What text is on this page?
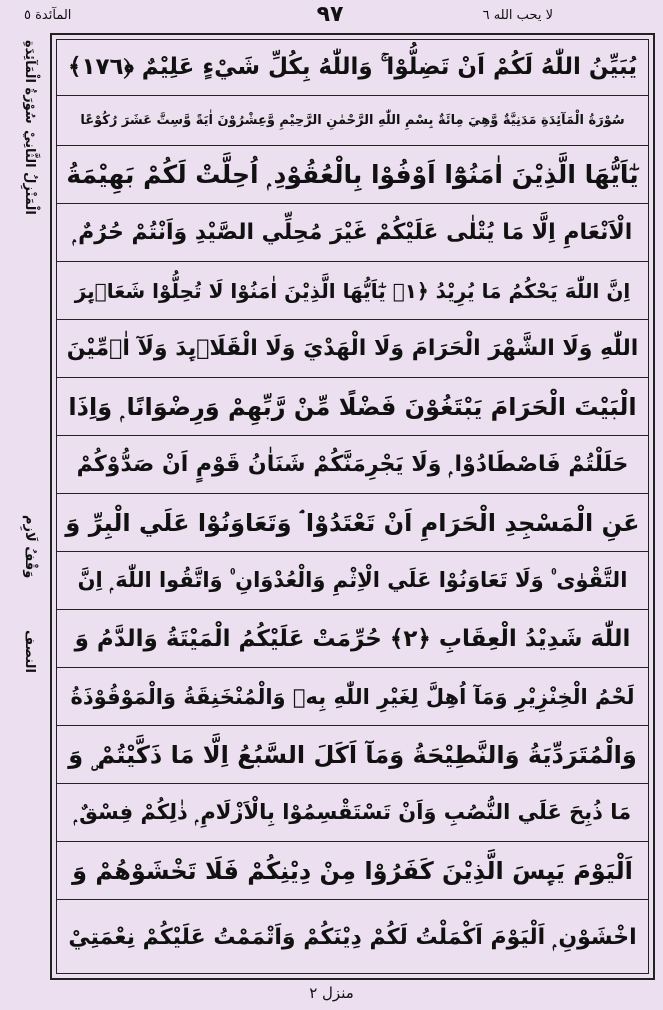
المآئدة ٥	٩٧	لا يحب الله ٦
يُبَيِّنُ اللّٰهُ لَكُمْ اَنْ تَضِلُّوْا ۚ وَاللّٰهُ بِكُلِّ شَيْءٍ عَلِيْمٌ ﴿١٧٦﴾
سُوْرَةُ الْمَآئِدَةِ مَدَنِيَّةٌ وَّهِيَ مِائَةٌ بِسْمِ اللّٰهِ الرَّحْمٰنِ الرَّحِيْمِ وَّعِشْرُوْنَ اٰيَةً وَّسِتَّ عَشَرَ رُكُوْعًا
يٰٓاَيُّهَا الَّذِيْنَ اٰمَنُوْٓا اَوْفُوْا بِالْعُقُوْدِ ۭ اُحِلَّتْ لَكُمْ بَهِيْمَةُ
الْاَنْعَامِ اِلَّا مَا يُتْلٰى عَلَيْكُمْ غَيْرَ مُحِلِّي الصَّيْدِ وَاَنْتُمْ حُرُمٌ ۭ
اِنَّ اللّٰهَ يَحْكُمُ مَا يُرِيْدُ ﴿١﴾ يٰٓاَيُّهَا الَّذِيْنَ اٰمَنُوْا لَا تُحِلُّوْا شَعَاۗىِٕرَ
اللّٰهِ وَلَا الشَّهْرَ الْحَرَامَ وَلَا الْهَدْيَ وَلَا الْقَلَاۗىِٕدَ وَلَآ اٰۗمِّيْنَ
الْبَيْتَ الْحَرَامَ يَبْتَغُوْنَ فَضْلًا مِّنْ رَّبِّهِمْ وَرِضْوَانًا ۭ وَاِذَا
حَلَلْتُمْ فَاصْطَادُوْا ۭ وَلَا يَجْرِمَنَّكُمْ شَنَاٰنُ قَوْمٍ اَنْ صَدُّوْكُمْ
عَنِ الْمَسْجِدِ الْحَرَامِ اَنْ تَعْتَدُوْا ۘ وَتَعَاوَنُوْا عَلَي الْبِرِّ وَ
التَّقْوٰى ۠ وَلَا تَعَاوَنُوْا عَلَي الْاِثْمِ وَالْعُدْوَانِ ۠ وَاتَّقُوا اللّٰهَ ۭ اِنَّ
اللّٰهَ شَدِيْدُ الْعِقَابِ ﴿٢﴾ حُرِّمَتْ عَلَيْكُمُ الْمَيْتَةُ وَالدَّمُ وَ
لَحْمُ الْخِنْزِيْرِ وَمَآ اُهِلَّ لِغَيْرِ اللّٰهِ بِهٖ وَالْمُنْخَنِقَةُ وَالْمَوْقُوْذَةُ
وَالْمُتَرَدِّيَةُ وَالنَّطِيْحَةُ وَمَآ اَكَلَ السَّبُعُ اِلَّا مَا ذَكَّيْتُمْ ۣ وَ
مَا ذُبِحَ عَلَي النُّصُبِ وَاَنْ تَسْتَقْسِمُوْا بِالْاَزْلَامِ ۭ ذٰلِكُمْ فِسْقٌ ۭ
اَلْيَوْمَ يَىِٕسَ الَّذِيْنَ كَفَرُوْا مِنْ دِيْنِكُمْ فَلَا تَخْشَوْهُمْ وَ
اخْشَوْنِ ۭ اَلْيَوْمَ اَكْمَلْتُ لَكُمْ دِيْنَكُمْ وَاَتْمَمْتُ عَلَيْكُمْ نِعْمَتِيْ
سُوْرَةُ الْمَآئِدَةِ
الْمَنْزِلُ الثَّانِيْ
وَقْفُ لَازِم
النصف
منزل ٢
